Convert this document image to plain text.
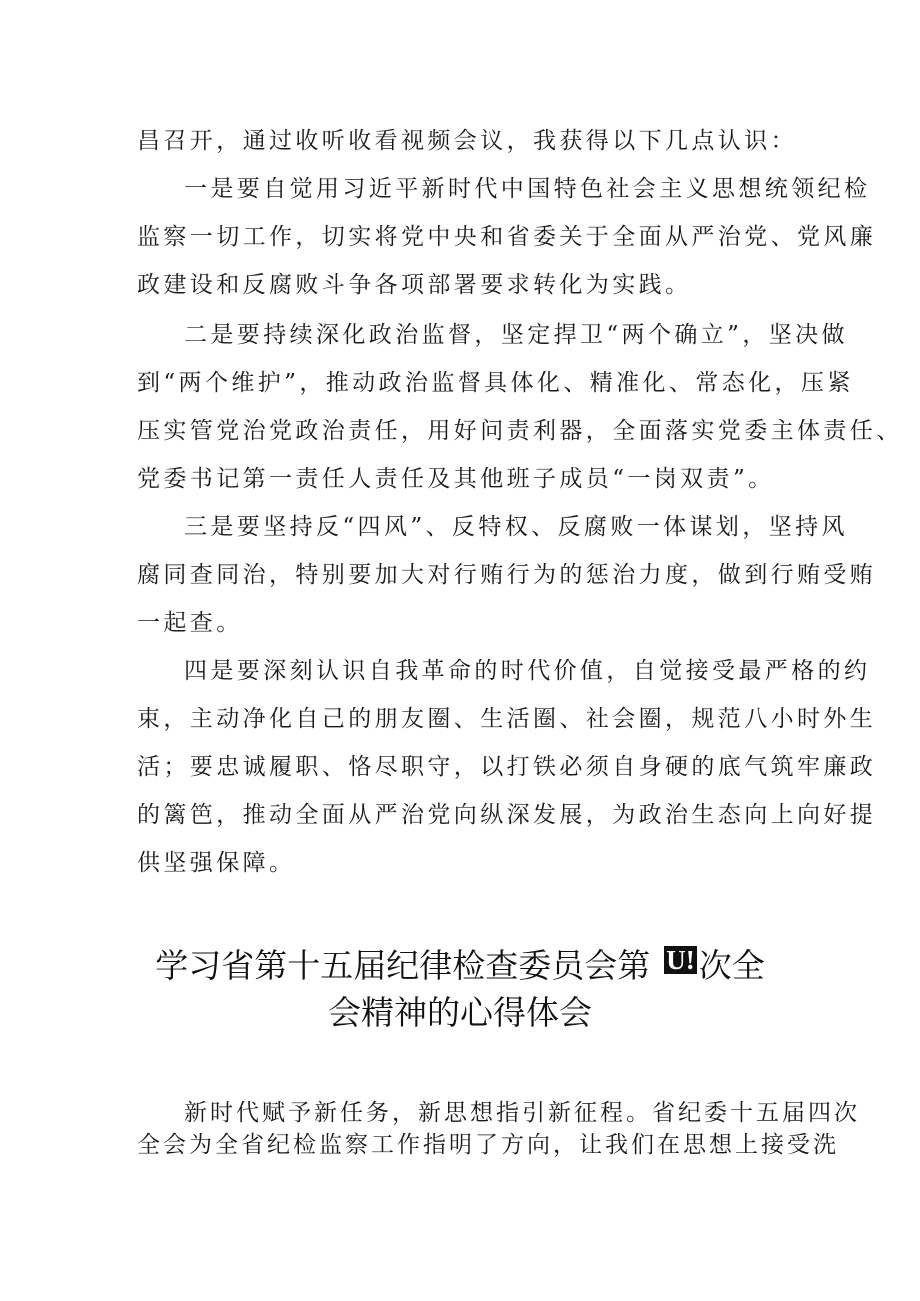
昌召开，通过收听收看视频会议，我获得以下几点认识：
一是要自觉用习近平新时代中国特色社会主义思想统领纪检
监察一切工作，切实将党中央和省委关于全面从严治党、党风廉
政建设和反腐败斗争各项部署要求转化为实践。
二是要持续深化政治监督，坚定捍卫“两个确立”，坚决做
到“两个维护”，推动政治监督具体化、精准化、常态化，压紧
压实管党治党政治责任，用好问责利器，全面落实党委主体责任、
党委书记第一责任人责任及其他班子成员“一岗双责”。
三是要坚持反“四风”、反特权、反腐败一体谋划，坚持风
腐同查同治，特别要加大对行贿行为的惩治力度，做到行贿受贿
一起查。
四是要深刻认识自我革命的时代价值，自觉接受最严格的约
束，主动净化自己的朋友圈、生活圈、社会圈，规范八小时外生
活；要忠诚履职、恪尽职守，以打铁必须自身硬的底气筑牢廉政
的篱笆，推动全面从严治党向纵深发展，为政治生态向上向好提
供坚强保障。
学习省第十五届纪律检查委员会第 U! 次全
会精神的心得体会
新时代赋予新任务，新思想指引新征程。省纪委十五届四次
全会为全省纪检监察工作指明了方向，让我们在思想上接受洗
